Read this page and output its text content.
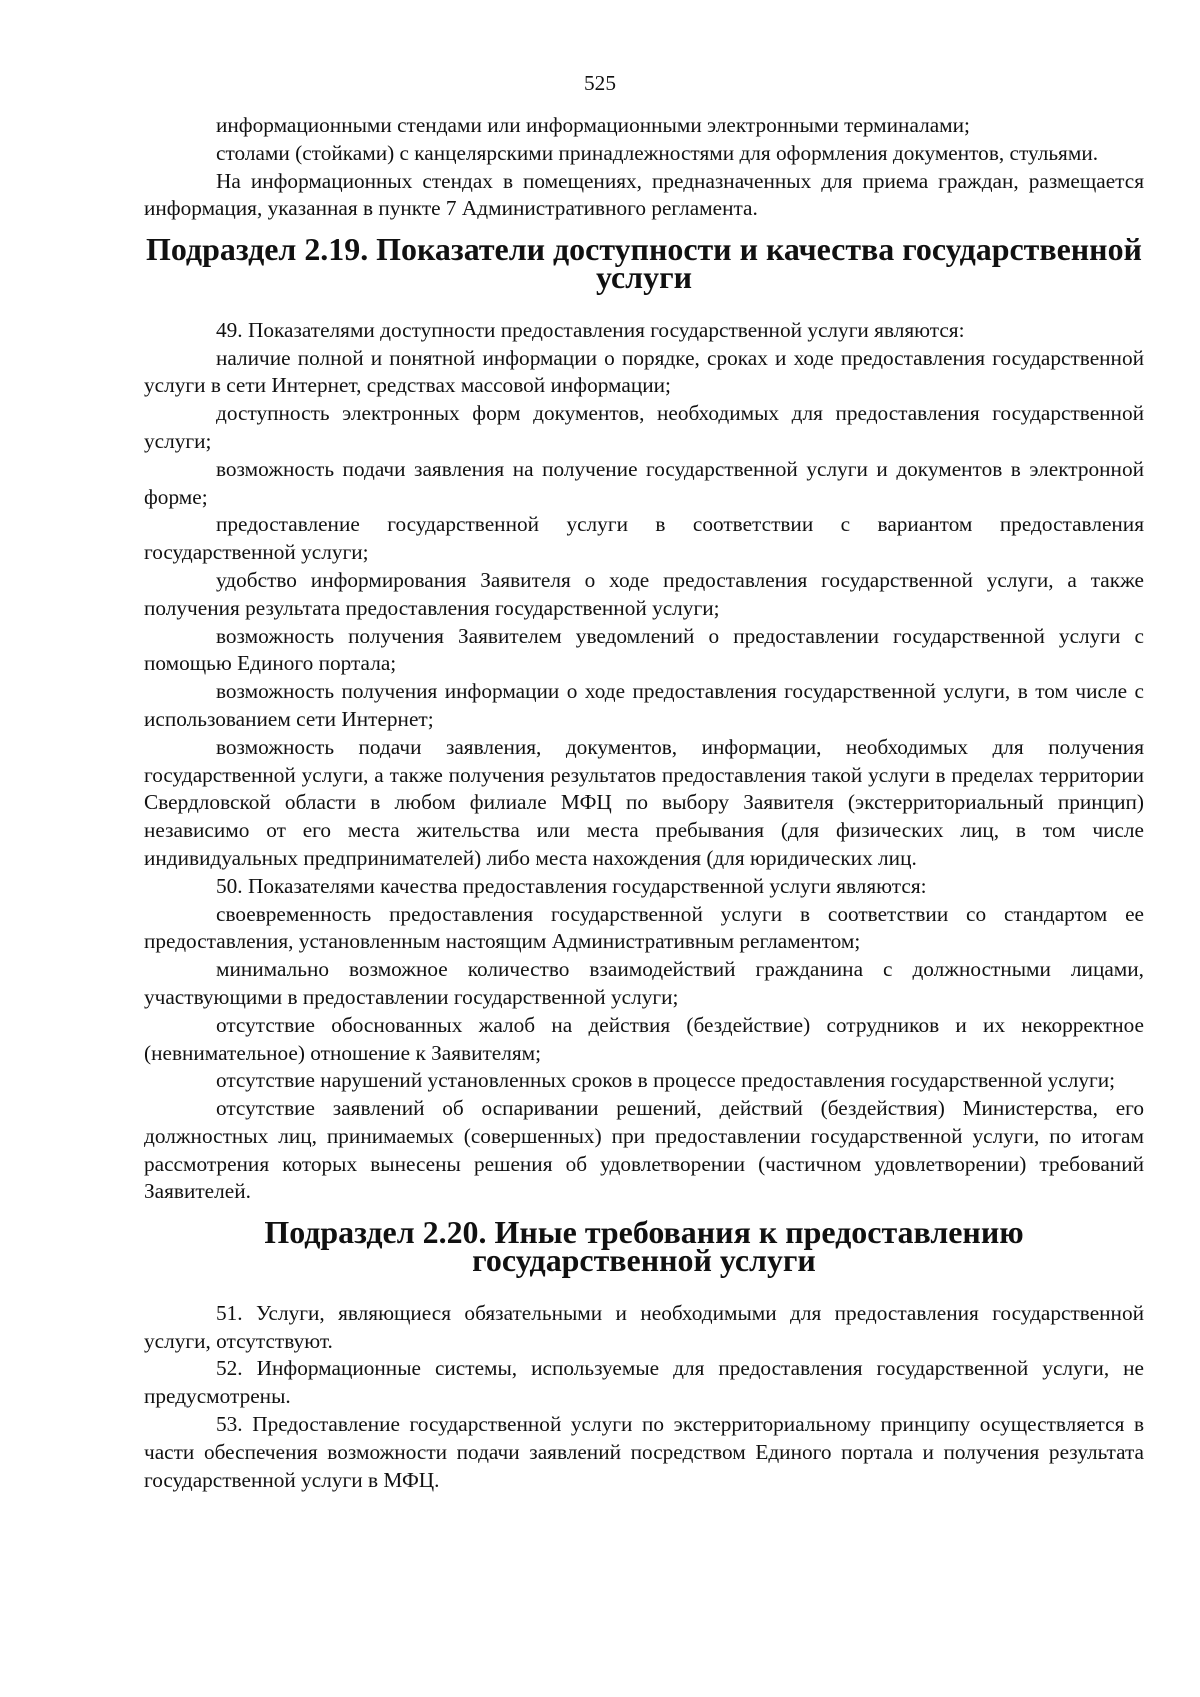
525

информационными стендами или информационными электронными терминалами;

столами (стойками) с канцелярскими принадлежностями для оформления документов, стульями.

На информационных стендах в помещениях, предназначенных для приема граждан, размещается информация, указанная в пункте 7 Административного регламента.

Подраздел 2.19. Показатели доступности и качества государственной услуги

49. Показателями доступности предоставления государственной услуги являются:

наличие полной и понятной информации о порядке, сроках и ходе предоставления государственной услуги в сети Интернет, средствах массовой информации;

доступность электронных форм документов, необходимых для предоставления государственной услуги;

возможность подачи заявления на получение государственной услуги и документов в электронной форме;

предоставление государственной услуги в соответствии с вариантом предоставления государственной услуги;

удобство информирования Заявителя о ходе предоставления государственной услуги, а также получения результата предоставления государственной услуги;

возможность получения Заявителем уведомлений о предоставлении государственной услуги с помощью Единого портала;

возможность получения информации о ходе предоставления государственной услуги, в том числе с использованием сети Интернет;

возможность подачи заявления, документов, информации, необходимых для получения государственной услуги, а также получения результатов предоставления такой услуги в пределах территории Свердловской области в любом филиале МФЦ по выбору Заявителя (экстерриториальный принцип) независимо от его места жительства или места пребывания (для физических лиц, в том числе индивидуальных предпринимателей) либо места нахождения (для юридических лиц.

50. Показателями качества предоставления государственной услуги являются:

своевременность предоставления государственной услуги в соответствии со стандартом ее предоставления, установленным настоящим Административным регламентом;

минимально возможное количество взаимодействий гражданина с должностными лицами, участвующими в предоставлении государственной услуги;

отсутствие обоснованных жалоб на действия (бездействие) сотрудников и их некорректное (невнимательное) отношение к Заявителям;

отсутствие нарушений установленных сроков в процессе предоставления государственной услуги;

отсутствие заявлений об оспаривании решений, действий (бездействия) Министерства, его должностных лиц, принимаемых (совершенных) при предоставлении государственной услуги, по итогам рассмотрения которых вынесены решения об удовлетворении (частичном удовлетворении) требований Заявителей.

Подраздел 2.20. Иные требования к предоставлению государственной услуги

51. Услуги, являющиеся обязательными и необходимыми для предоставления государственной услуги, отсутствуют.

52. Информационные системы, используемые для предоставления государственной услуги, не предусмотрены.

53. Предоставление государственной услуги по экстерриториальному принципу осуществляется в части обеспечения возможности подачи заявлений посредством Единого портала и получения результата государственной услуги в МФЦ.
